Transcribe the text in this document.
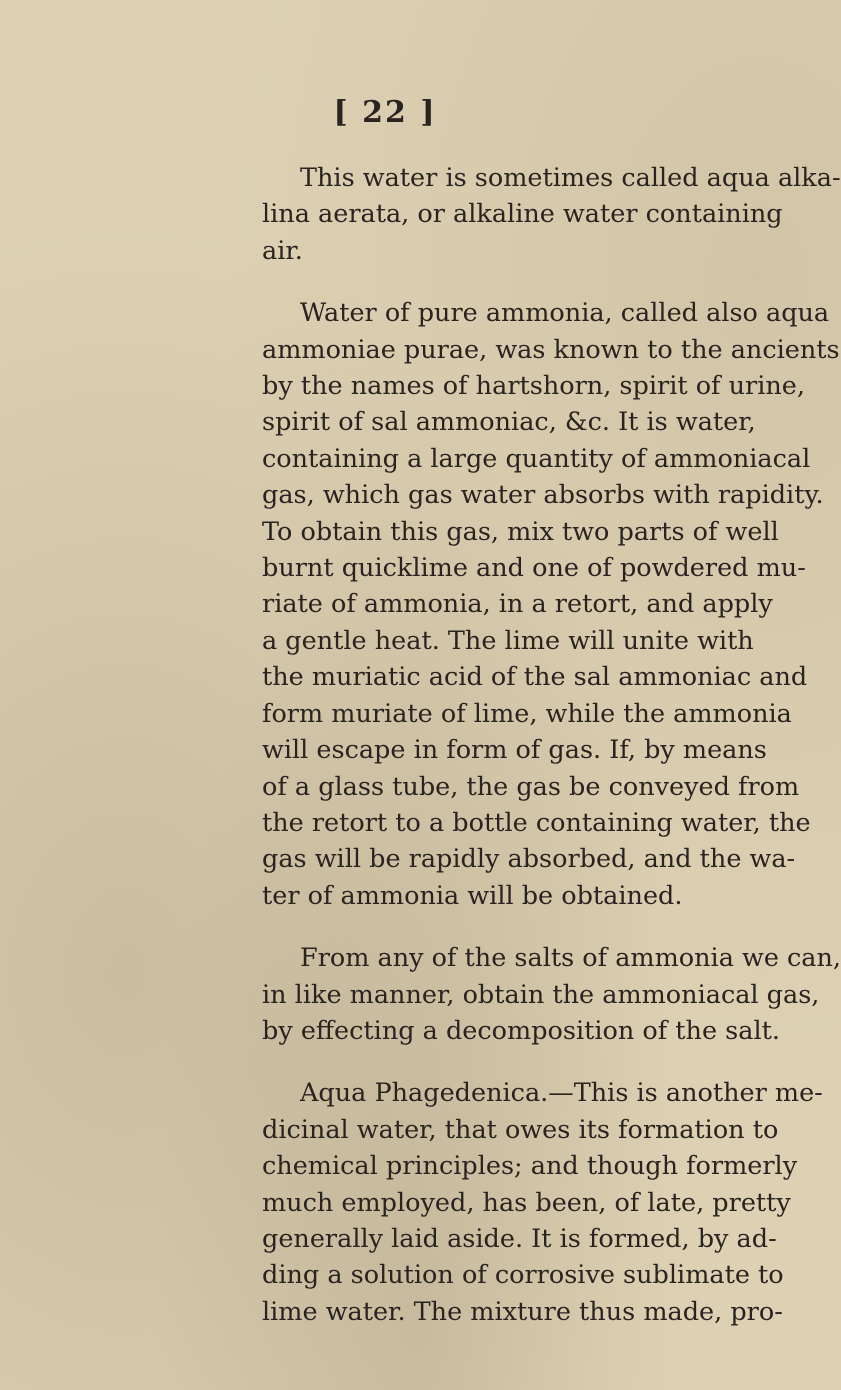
[ 22 ]
This water is sometimes called aqua alka-
lina aerata, or alkaline water containing
air.
Water of pure ammonia, called also aqua
ammoniae purae, was known to the ancients
by the names of hartshorn, spirit of urine,
spirit of sal ammoniac, &c. It is water,
containing a large quantity of ammoniacal
gas, which gas water absorbs with rapidity.
To obtain this gas, mix two parts of well
burnt quicklime and one of powdered mu-
riate of ammonia, in a retort, and apply
a gentle heat. The lime will unite with
the muriatic acid of the sal ammoniac and
form muriate of lime, while the ammonia
will escape in form of gas. If, by means
of a glass tube, the gas be conveyed from
the retort to a bottle containing water, the
gas will be rapidly absorbed, and the wa-
ter of ammonia will be obtained.
From any of the salts of ammonia we can,
in like manner, obtain the ammoniacal gas,
by effecting a decomposition of the salt.
Aqua Phagedenica.—This is another me-
dicinal water, that owes its formation to
chemical principles; and though formerly
much employed, has been, of late, pretty
generally laid aside. It is formed, by ad-
ding a solution of corrosive sublimate to
lime water. The mixture thus made, pro-
